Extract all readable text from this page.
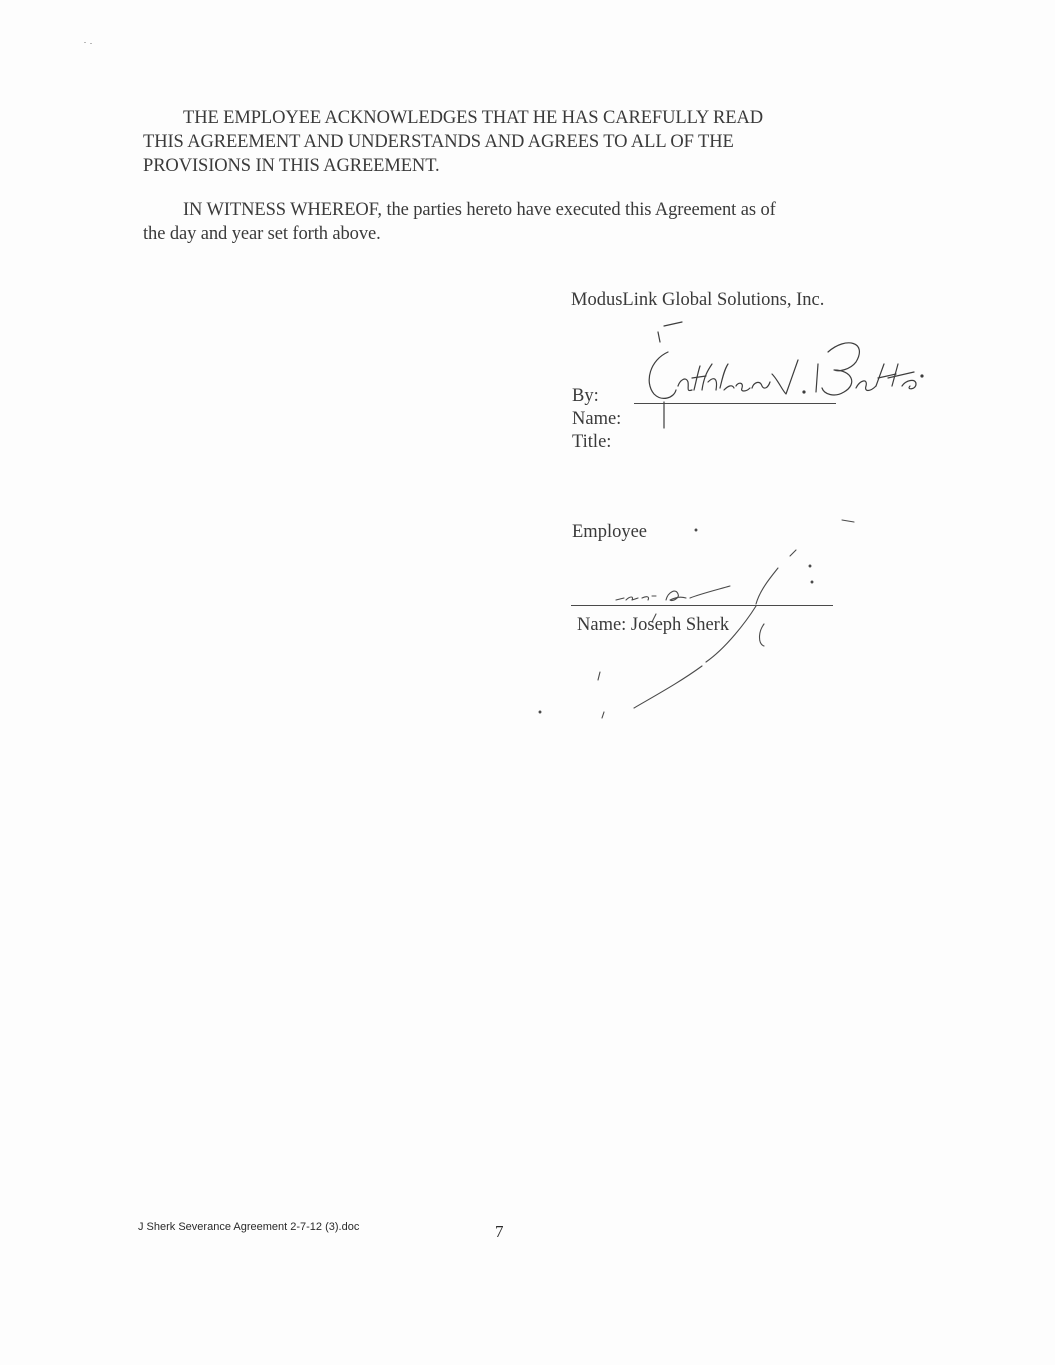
THE EMPLOYEE ACKNOWLEDGES THAT HE HAS CAREFULLY READ
THIS AGREEMENT AND UNDERSTANDS AND AGREES TO ALL OF THE
PROVISIONS IN THIS AGREEMENT.
IN WITNESS WHEREOF, the parties hereto have executed this Agreement as of
the day and year set forth above.
ModusLink Global Solutions, Inc.
By:
Name:
Title:
Employee
Name: Joseph Sherk
J Sherk Severance Agreement 2-7-12 (3).doc	7
